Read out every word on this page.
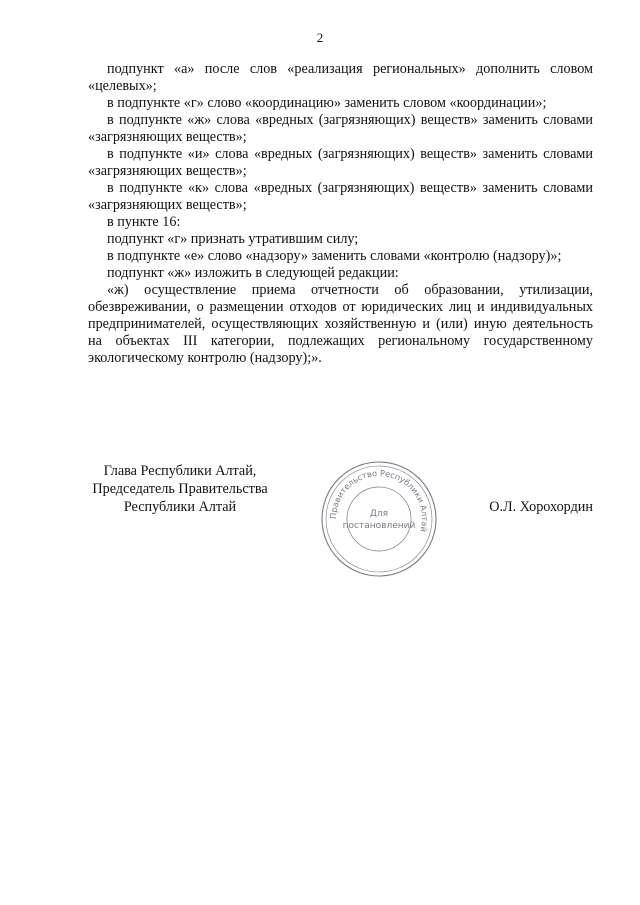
2

подпункт «а» после слов «реализация региональных» дополнить словом «целевых»;

в подпункте «г» слово «координацию» заменить словом «координации»;

в подпункте «ж» слова «вредных (загрязняющих) веществ» заменить словами «загрязняющих веществ»;

в подпункте «и» слова «вредных (загрязняющих) веществ» заменить словами «загрязняющих веществ»;

в подпункте «к» слова «вредных (загрязняющих) веществ» заменить словами «загрязняющих веществ»;

в пункте 16:

подпункт «г» признать утратившим силу;

в подпункте «е» слово «надзору» заменить словами «контролю (надзору)»;

подпункт «ж» изложить в следующей редакции:

«ж) осуществление приема отчетности об образовании, утилизации, обезвреживании, о размещении отходов от юридических лиц и индивидуальных предпринимателей, осуществляющих хозяйственную и (или) иную деятельность на объектах III категории, подлежащих региональному государственному экологическому контролю (надзору);».

Глава Республики Алтай,
Председатель Правительства
Республики Алтай
Правительство Республики Алтай
Для
постановлений
О.Л. Хорохордин
